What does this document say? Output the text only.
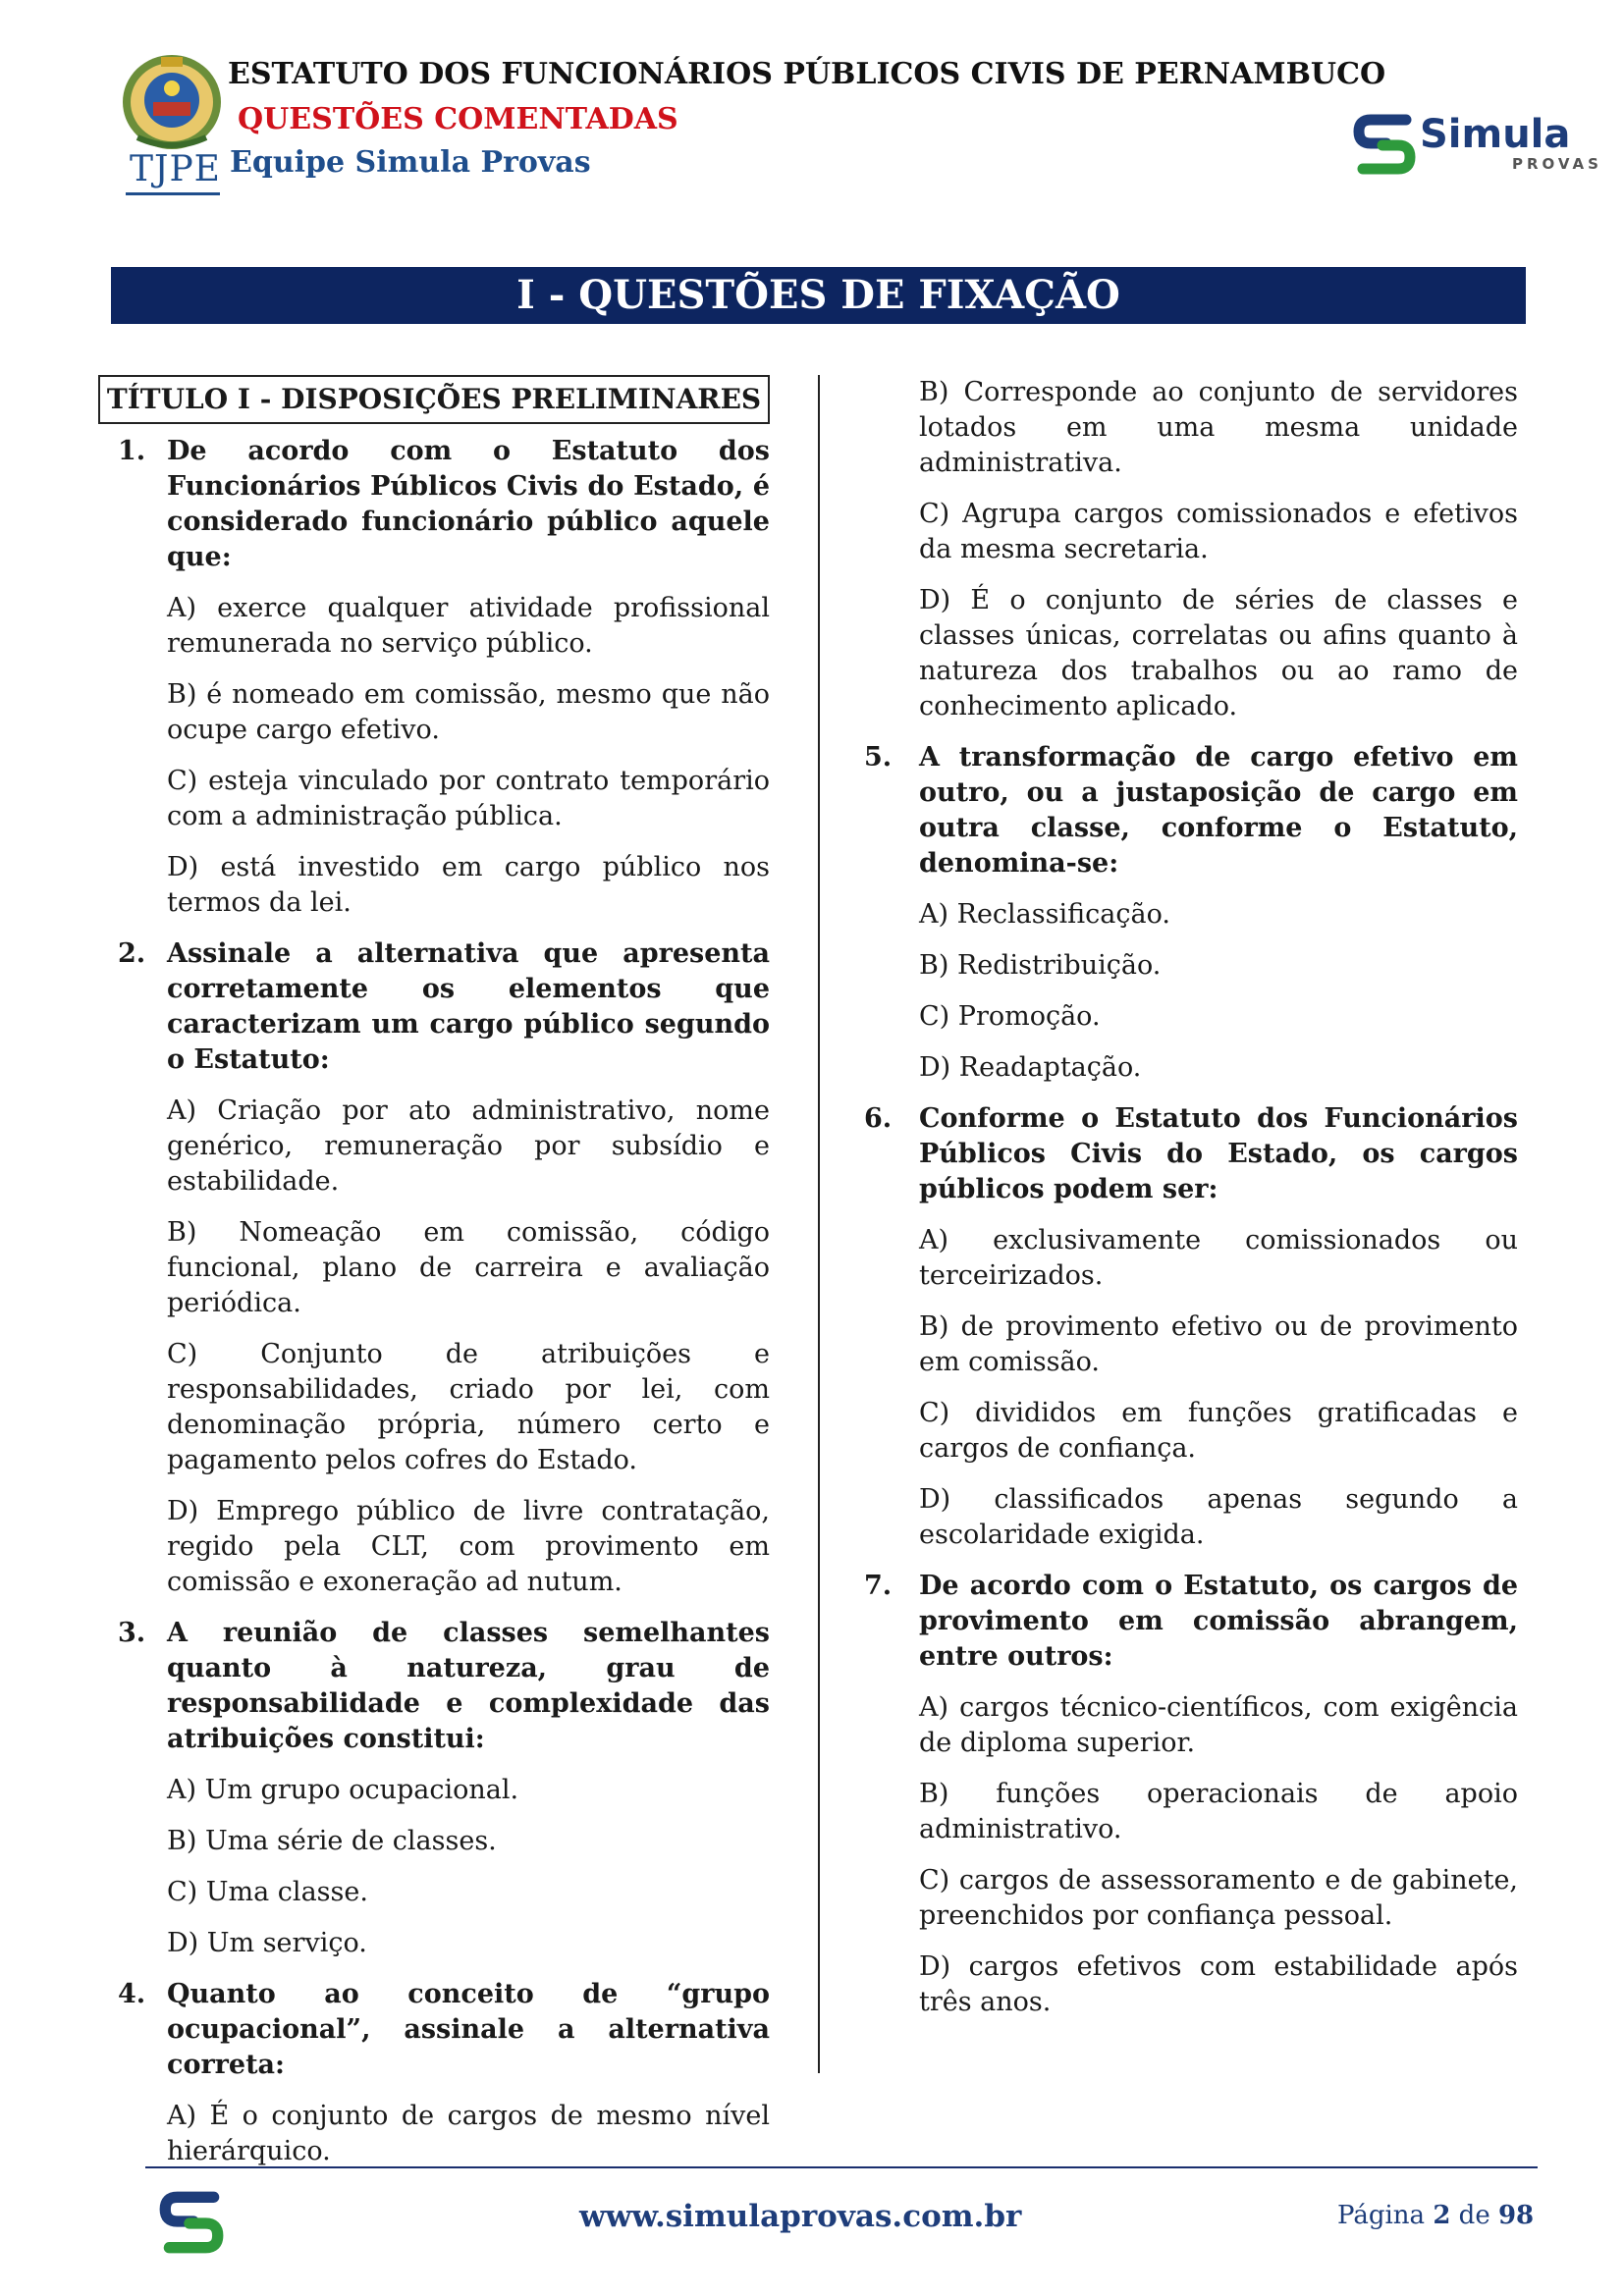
TJPE
ESTATUTO DOS FUNCIONÁRIOS PÚBLICOS CIVIS DE PERNAMBUCO
QUESTÕES COMENTADAS
Equipe Simula Provas
Simula
PROVAS
I - QUESTÕES DE FIXAÇÃO
TÍTULO I - DISPOSIÇÕES PRELIMINARES
1. De acordo com o Estatuto dos Funcionários Públicos Civis do Estado, é considerado funcionário público aquele que:
A) exerce qualquer atividade profissional remunerada no serviço público.
B) é nomeado em comissão, mesmo que não ocupe cargo efetivo.
C) esteja vinculado por contrato temporário com a administração pública.
D) está investido em cargo público nos termos da lei.
2. Assinale a alternativa que apresenta corretamente os elementos que caracterizam um cargo público segundo o Estatuto:
A) Criação por ato administrativo, nome genérico, remuneração por subsídio e estabilidade.
B) Nomeação em comissão, código funcional, plano de carreira e avaliação periódica.
C) Conjunto de atribuições e responsabilidades, criado por lei, com denominação própria, número certo e pagamento pelos cofres do Estado.
D) Emprego público de livre contratação, regido pela CLT, com provimento em comissão e exoneração ad nutum.
3. A reunião de classes semelhantes quanto à natureza, grau de responsabilidade e complexidade das atribuições constitui:
A) Um grupo ocupacional.
B) Uma série de classes.
C) Uma classe.
D) Um serviço.
4. Quanto ao conceito de “grupo ocupacional”, assinale a alternativa correta:
A) É o conjunto de cargos de mesmo nível hierárquico.
B) Corresponde ao conjunto de servidores lotados em uma mesma unidade administrativa.
C) Agrupa cargos comissionados e efetivos da mesma secretaria.
D) É o conjunto de séries de classes e classes únicas, correlatas ou afins quanto à natureza dos trabalhos ou ao ramo de conhecimento aplicado.
5. A transformação de cargo efetivo em outro, ou a justaposição de cargo em outra classe, conforme o Estatuto, denomina-se:
A) Reclassificação.
B) Redistribuição.
C) Promoção.
D) Readaptação.
6. Conforme o Estatuto dos Funcionários Públicos Civis do Estado, os cargos públicos podem ser:
A) exclusivamente comissionados ou terceirizados.
B) de provimento efetivo ou de provimento em comissão.
C) divididos em funções gratificadas e cargos de confiança.
D) classificados apenas segundo a escolaridade exigida.
7. De acordo com o Estatuto, os cargos de provimento em comissão abrangem, entre outros:
A) cargos técnico-científicos, com exigência de diploma superior.
B) funções operacionais de apoio administrativo.
C) cargos de assessoramento e de gabinete, preenchidos por confiança pessoal.
D) cargos efetivos com estabilidade após três anos.
www.simulaprovas.com.br	Página 2 de 98
